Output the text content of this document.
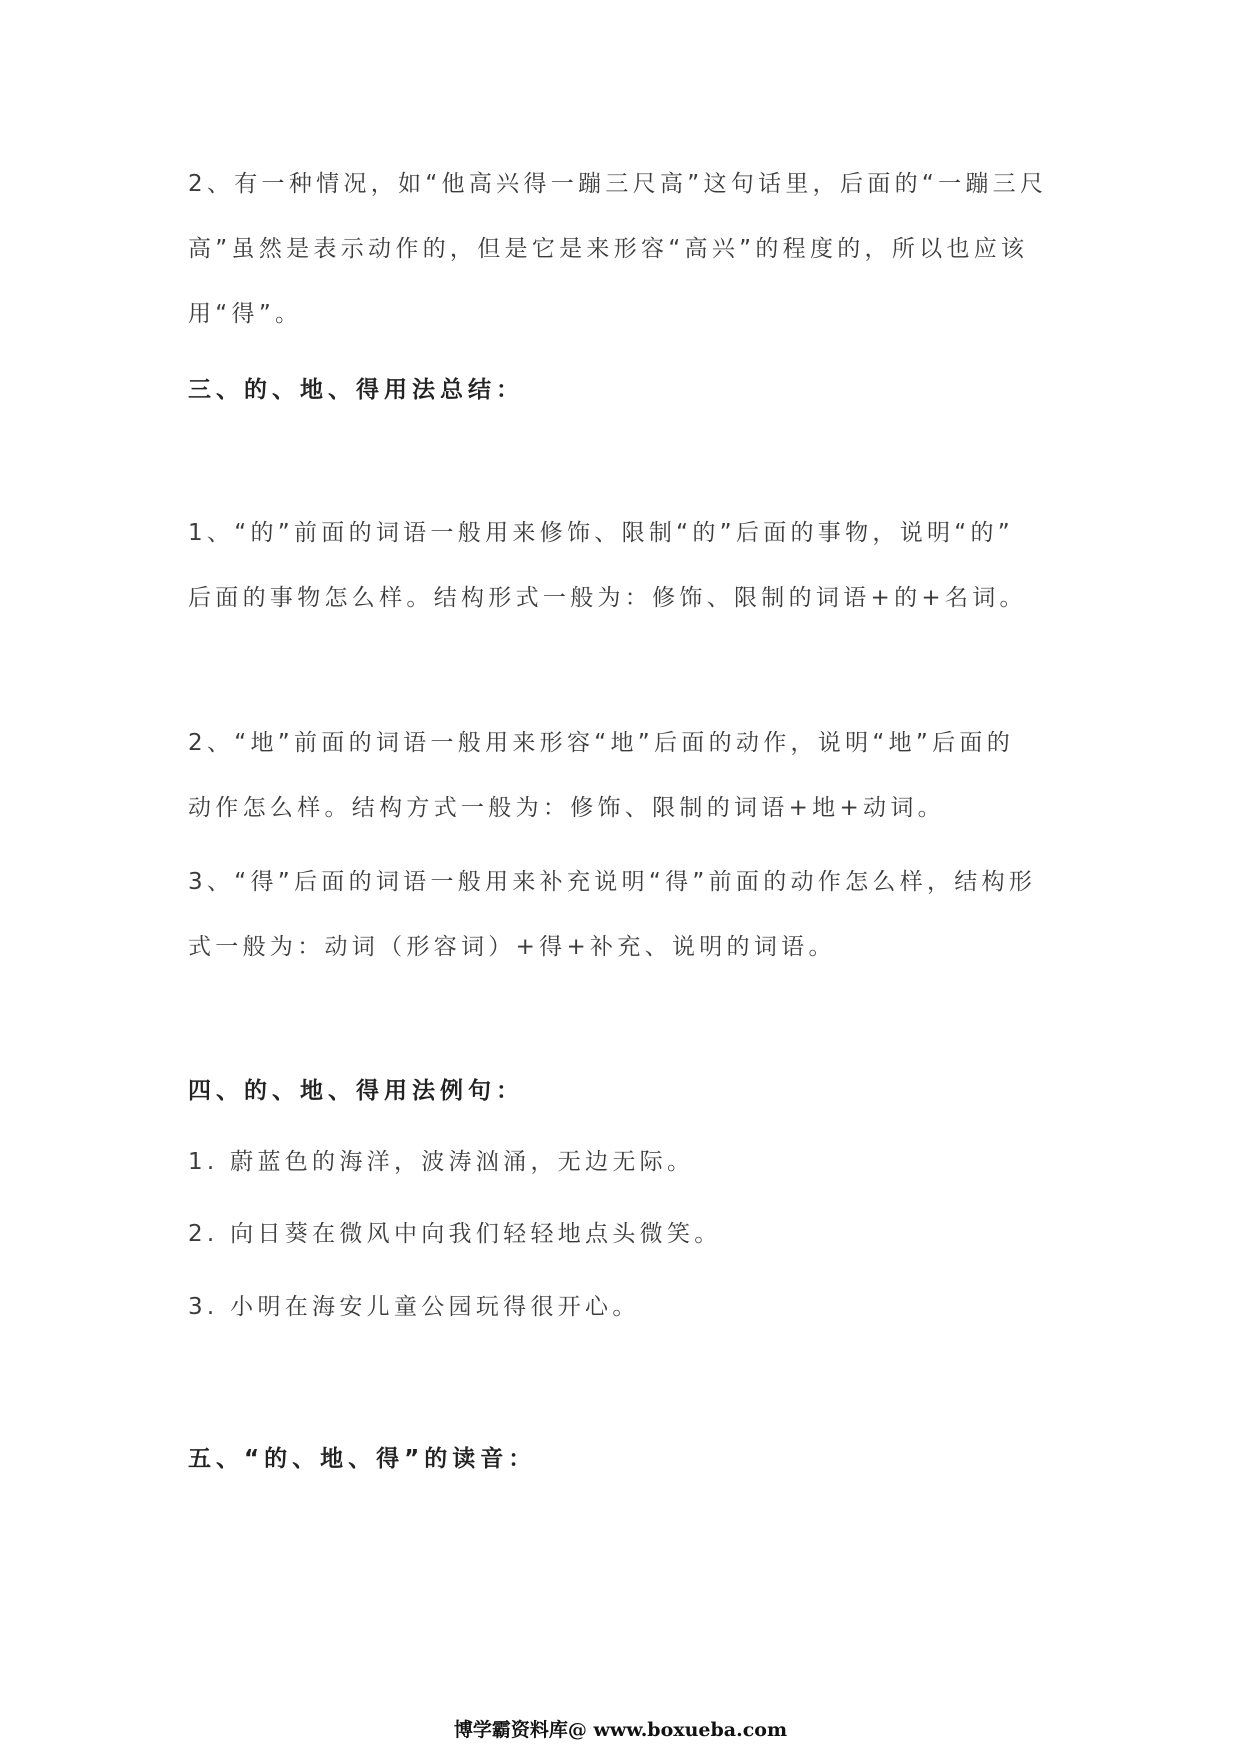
2、有一种情况，如“他高兴得一蹦三尺高”这句话里，后面的“一蹦三尺
高”虽然是表示动作的，但是它是来形容“高兴”的程度的，所以也应该
用“得”。
三、的、地、得用法总结：
1、“的”前面的词语一般用来修饰、限制“的”后面的事物，说明“的”
后面的事物怎么样。结构形式一般为：修饰、限制的词语+的+名词。
2、“地”前面的词语一般用来形容“地”后面的动作，说明“地”后面的
动作怎么样。结构方式一般为：修饰、限制的词语+地+动词。
3、“得”后面的词语一般用来补充说明“得”前面的动作怎么样，结构形
式一般为：动词（形容词）+得+补充、说明的词语。
四、的、地、得用法例句：
1. 蔚蓝色的海洋，波涛汹涌，无边无际。
2. 向日葵在微风中向我们轻轻地点头微笑。
3. 小明在海安儿童公园玩得很开心。
五、“的、地、得”的读音：
博学霸资料库@ www.boxueba.com
